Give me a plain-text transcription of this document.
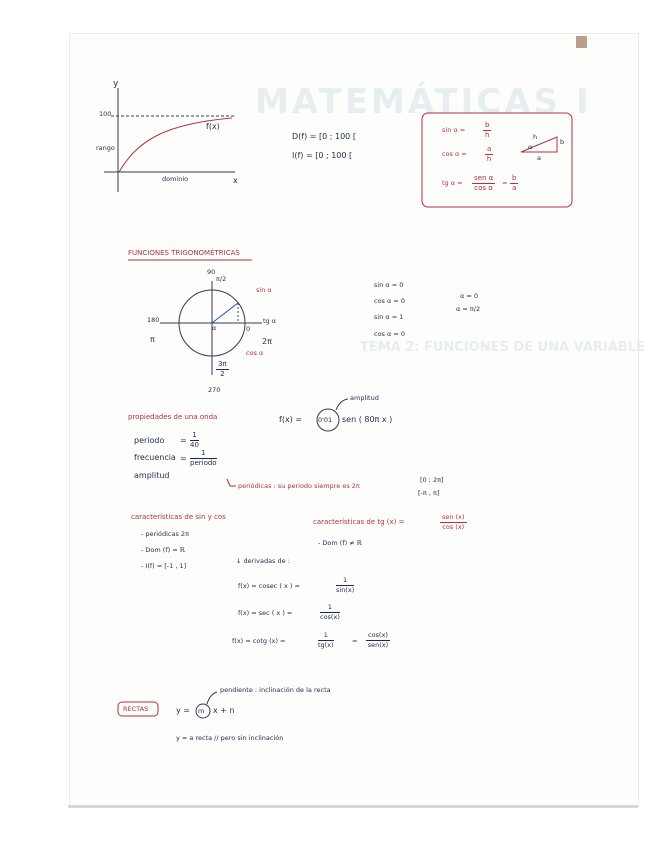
MATEMÁTICAS I
TEMA 2: FUNCIONES DE UNA VARIABLE
y
100
rango
dominio	x
f(x)
D(f) = [0 ; 100 [
I(f) = [0 ; 100 [
sin α =	$\frac{b}{h}$
cos α =	$\frac{a}{h}$
tg α =
sen α
cos α
= $\frac{b}{a}$
h
b
a
α
FUNCIONES TRIGONOMÉTRICAS
90
π/2
sin α
tg α
180
π
0
2π
α
cos α
$\frac{3\pi}{2}$
270
sin α = 0
cos α = 0
sin α = 1
cos α = 0
α = 0
α = π/2
propiedades de una onda	f(x) = 0'01 sen ( 80π x )
amplitud
periodo = $\frac{1}{40}$
frecuencia =
1
periodo
amplitud
periódicas : su periodo siempre es 2π
[0 ; 2π]
[-π , π]
características de sin y cos
- periódicas 2π
- Dom (f) = ℝ
- I(f) = [-1 , 1]
↓ derivadas de :
f(x) = cosec ( x ) =	$\frac{1}{\sin(x)}$
f(x) = sec ( x ) =	$\frac{1}{\cos(x)}$
f(x) = cotg (x) =	$\frac{1}{tg(x)}$	=
cos(x)
sen(x)
características de tg (x) =
sen (x)
cos (x)
- Dom (f) ≠ ℝ
RECTAS	y = m x + n
pendiente : inclinación de la recta
y = a recta // pero sin inclinación
